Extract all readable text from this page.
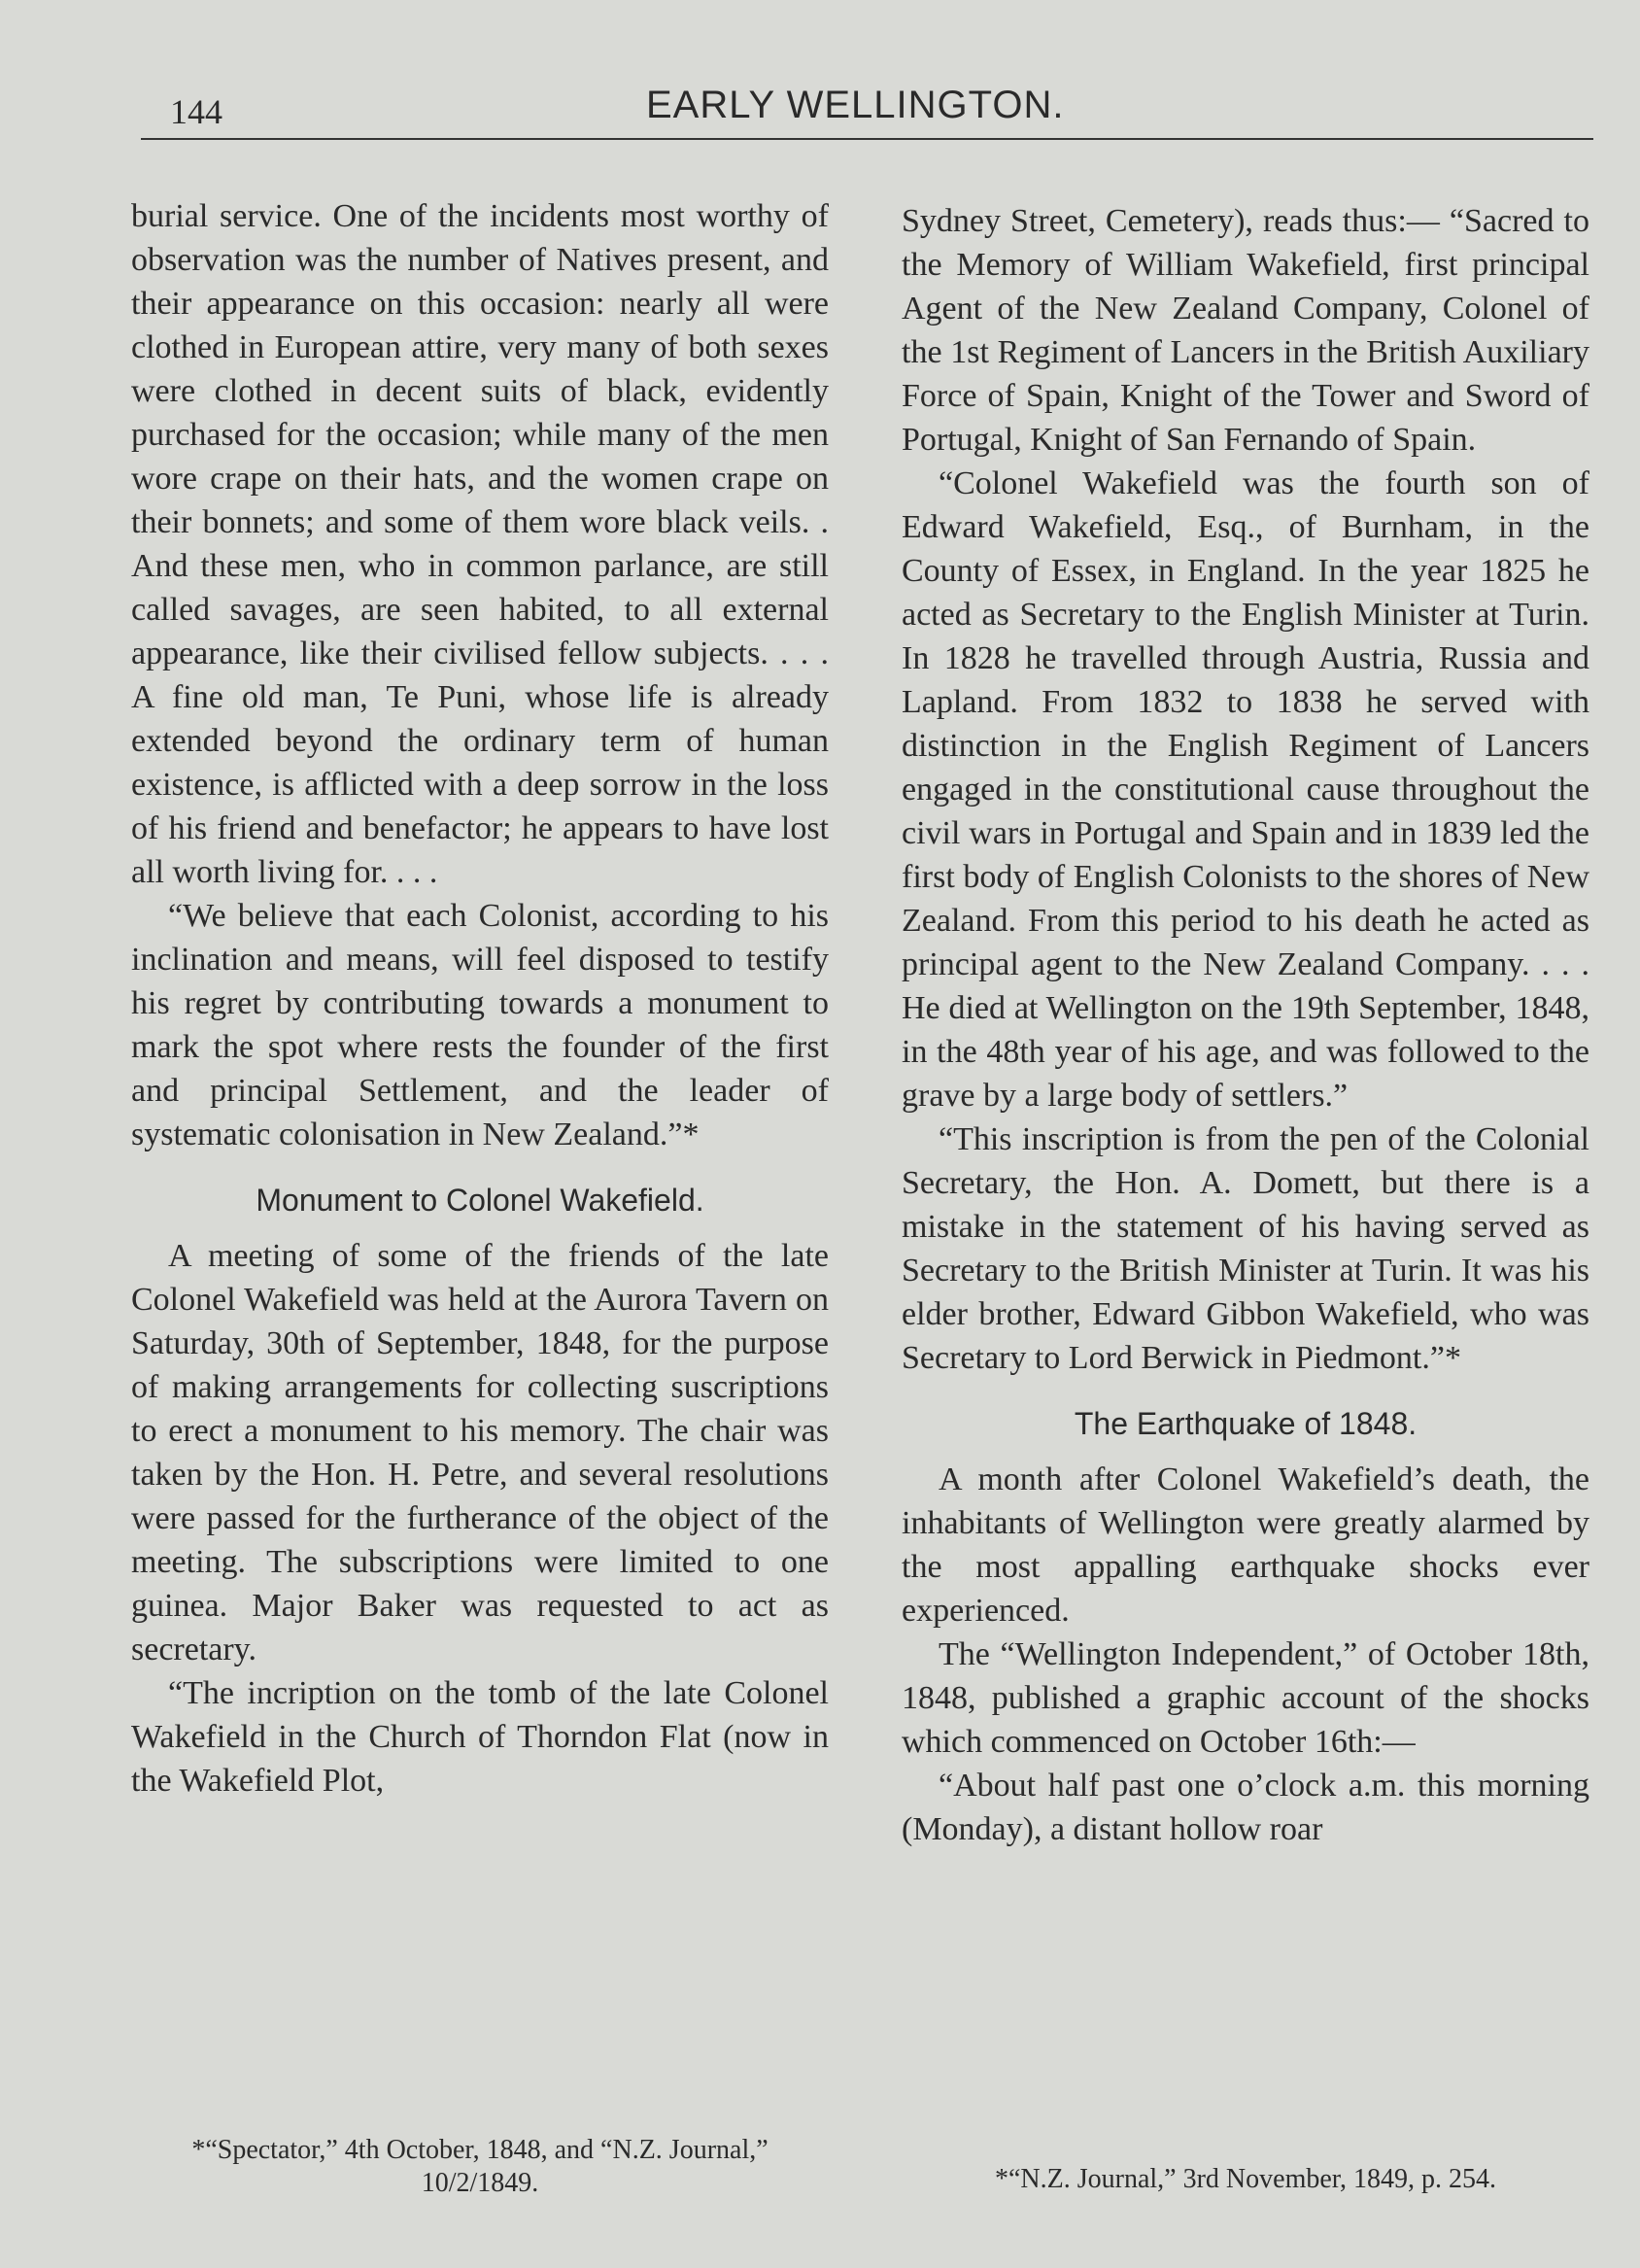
144	EARLY WELLINGTON.

burial service. One of the incidents most worthy of observation was the number of Natives present, and their appearance on this occasion: nearly all were clothed in European attire, very many of both sexes were clothed in decent suits of black, evidently purchased for the occasion; while many of the men wore crape on their hats, and the women crape on their bonnets; and some of them wore black veils. . And these men, who in common parlance, are still called savages, are seen habited, to all external appearance, like their civilised fellow subjects. . . . A fine old man, Te Puni, whose life is already extended beyond the ordinary term of human existence, is afflicted with a deep sorrow in the loss of his friend and benefactor; he appears to have lost all worth living for. . . .

“We believe that each Colonist, according to his inclination and means, will feel disposed to testify his regret by contributing towards a monument to mark the spot where rests the founder of the first and principal Settlement, and the leader of systematic colonisation in New Zealand.”*

Monument to Colonel Wakefield.

A meeting of some of the friends of the late Colonel Wakefield was held at the Aurora Tavern on Saturday, 30th of September, 1848, for the purpose of making arrangements for collecting suscriptions to erect a monument to his memory. The chair was taken by the Hon. H. Petre, and several resolutions were passed for the furtherance of the object of the meeting. The subscriptions were limited to one guinea. Major Baker was requested to act as secretary.

“The incription on the tomb of the late Colonel Wakefield in the Church of Thorndon Flat (now in the Wakefield Plot,

*“Spectator,” 4th October, 1848, and “N.Z. Journal,” 10/2/1849.

Sydney Street, Cemetery), reads thus:— “Sacred to the Memory of William Wakefield, first principal Agent of the New Zealand Company, Colonel of the 1st Regiment of Lancers in the British Auxiliary Force of Spain, Knight of the Tower and Sword of Portugal, Knight of San Fernando of Spain.

“Colonel Wakefield was the fourth son of Edward Wakefield, Esq., of Burnham, in the County of Essex, in England. In the year 1825 he acted as Secretary to the English Minister at Turin. In 1828 he travelled through Austria, Russia and Lapland. From 1832 to 1838 he served with distinction in the English Regiment of Lancers engaged in the constitutional cause throughout the civil wars in Portugal and Spain and in 1839 led the first body of English Colonists to the shores of New Zealand. From this period to his death he acted as principal agent to the New Zealand Company. . . . He died at Wellington on the 19th September, 1848, in the 48th year of his age, and was followed to the grave by a large body of settlers.”

“This inscription is from the pen of the Colonial Secretary, the Hon. A. Domett, but there is a mistake in the statement of his having served as Secretary to the British Minister at Turin. It was his elder brother, Edward Gibbon Wakefield, who was Secretary to Lord Berwick in Piedmont.”*

The Earthquake of 1848.

A month after Colonel Wakefield’s death, the inhabitants of Wellington were greatly alarmed by the most appalling earthquake shocks ever experienced.

The “Wellington Independent,” of October 18th, 1848, published a graphic account of the shocks which commenced on October 16th:—

“About half past one o’clock a.m. this morning (Monday), a distant hollow roar

*“N.Z. Journal,” 3rd November, 1849, p. 254.
